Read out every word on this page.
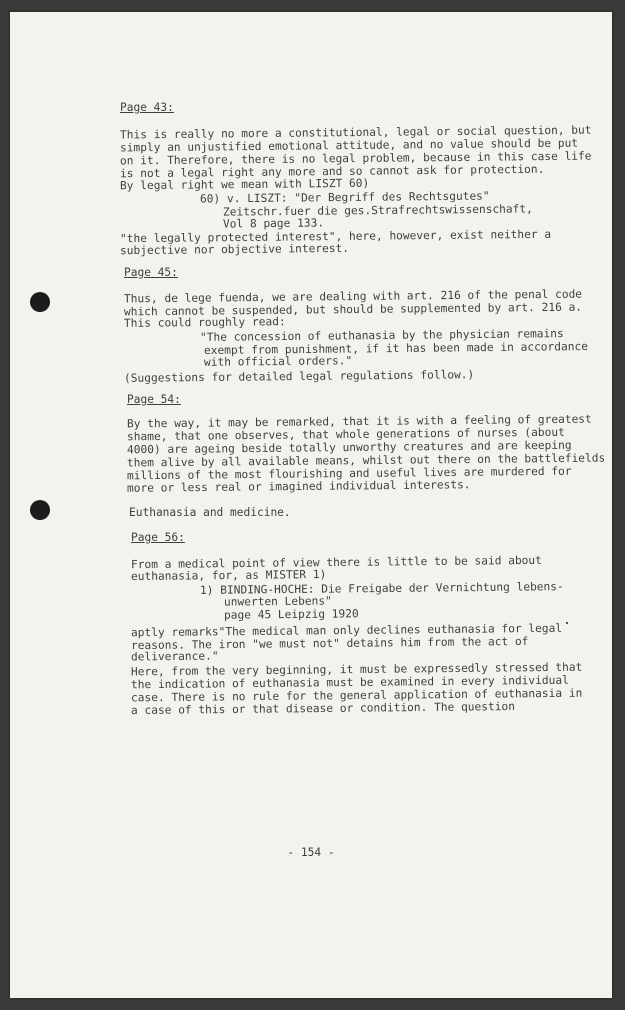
Page 43:
This is really no more a constitutional, legal or social question, but
simply an unjustified emotional attitude, and no value should be put
on it. Therefore, there is no legal problem, because in this case life
is not a legal right any more and so cannot ask for protection.
By legal right we mean with LISZT 60)
60) v. LISZT: "Der Begriff des Rechtsgutes"
Zeitschr.fuer die ges.Strafrechtswissenschaft,
Vol 8 page 133.
"the legally protected interest", here, however, exist neither a
subjective nor objective interest.
Page 45:
Thus, de lege fuenda, we are dealing with art. 216 of the penal code
which cannot be suspended, but should be supplemented by art. 216 a.
This could roughly read:
"The concession of euthanasia by the physician remains
exempt from punishment, if it has been made in accordance
with official orders."
(Suggestions for detailed legal regulations follow.)
Page 54:
By the way, it may be remarked, that it is with a feeling of greatest
shame, that one observes, that whole generations of nurses (about
4000) are ageing beside totally unworthy creatures and are keeping
them alive by all available means, whilst out there on the battlefields
millions of the most flourishing and useful lives are murdered for
more or less real or imagined individual interests.
Euthanasia and medicine.
Page 56:
From a medical point of view there is little to be said about
euthanasia, for, as MISTER 1)
1) BINDING-HOCHE: Die Freigabe der Vernichtung lebens-
unwerten Lebens"
page 45 Leipzig 1920
aptly remarks"The medical man only declines euthanasia for legal
reasons. The iron "we must not" detains him from the act of
deliverance."
Here, from the very beginning, it must be expressedly stressed that
the indication of euthanasia must be examined in every individual
case. There is no rule for the general application of euthanasia in
a case of this or that disease or condition. The question
- 154 -
